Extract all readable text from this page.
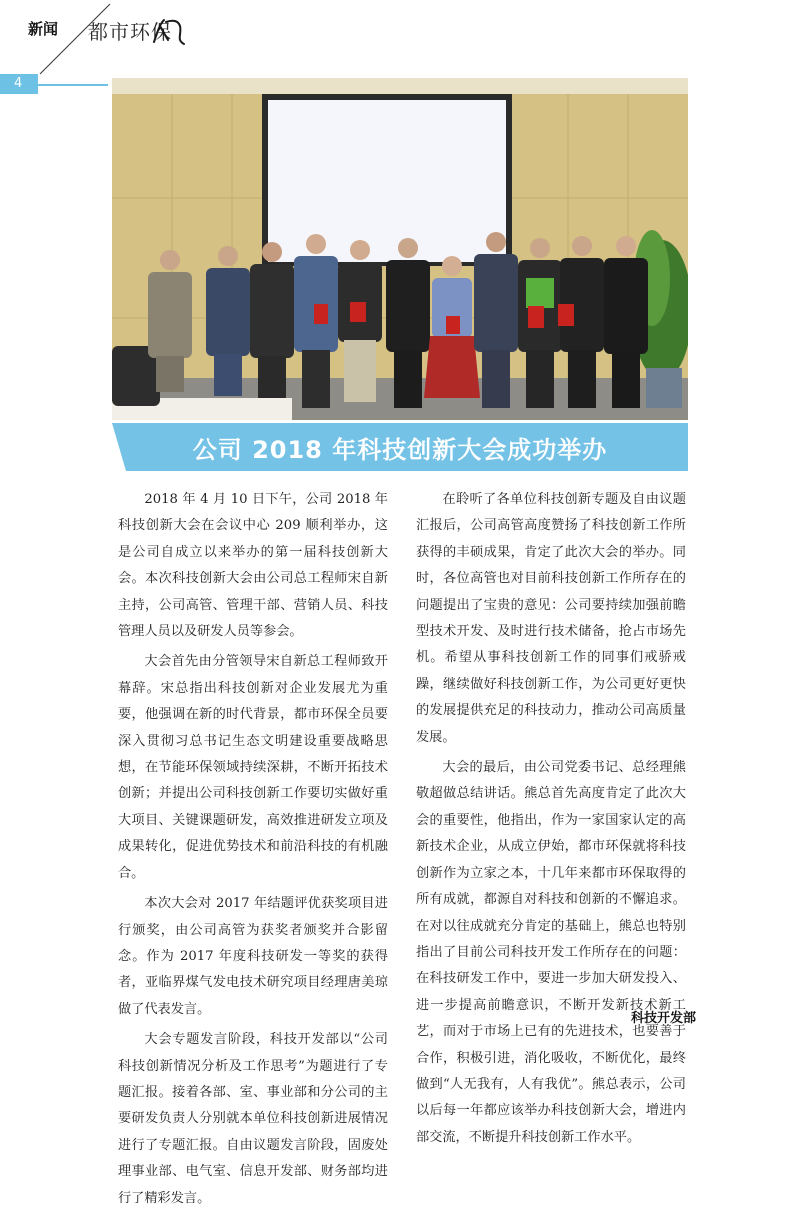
新闻 都市环保
4
公司 2018 年科技创新大会成功举办

2018 年 4 月 10 日下午，公司 2018 年科技创新大会在会议中心 209 顺利举办，这是公司自成立以来举办的第一届科技创新大会。本次科技创新大会由公司总工程师宋自新主持，公司高管、管理干部、营销人员、科技管理人员以及研发人员等参会。

大会首先由分管领导宋自新总工程师致开幕辞。宋总指出科技创新对企业发展尤为重要，他强调在新的时代背景，都市环保全员要深入贯彻习总书记生态文明建设重要战略思想，在节能环保领域持续深耕，不断开拓技术创新；并提出公司科技创新工作要切实做好重大项目、关键课题研发，高效推进研发立项及成果转化，促进优势技术和前沿科技的有机融合。

本次大会对 2017 年结题评优获奖项目进行颁奖，由公司高管为获奖者颁奖并合影留念。作为 2017 年度科技研发一等奖的获得者，亚临界煤气发电技术研究项目经理唐美琼做了代表发言。

大会专题发言阶段，科技开发部以“公司科技创新情况分析及工作思考”为题进行了专题汇报。接着各部、室、事业部和分公司的主要研发负责人分别就本单位科技创新进展情况进行了专题汇报。自由议题发言阶段，固废处理事业部、电气室、信息开发部、财务部均进行了精彩发言。

在聆听了各单位科技创新专题及自由议题汇报后，公司高管高度赞扬了科技创新工作所获得的丰硕成果，肯定了此次大会的举办。同时，各位高管也对目前科技创新工作所存在的问题提出了宝贵的意见：公司要持续加强前瞻型技术开发、及时进行技术储备，抢占市场先机。希望从事科技创新工作的同事们戒骄戒躁，继续做好科技创新工作，为公司更好更快的发展提供充足的科技动力，推动公司高质量发展。

大会的最后，由公司党委书记、总经理熊敬超做总结讲话。熊总首先高度肯定了此次大会的重要性，他指出，作为一家国家认定的高新技术企业，从成立伊始，都市环保就将科技创新作为立家之本，十几年来都市环保取得的所有成就，都源自对科技和创新的不懈追求。在对以往成就充分肯定的基础上，熊总也特别指出了目前公司科技开发工作所存在的问题：在科技研发工作中，要进一步加大研发投入、进一步提高前瞻意识，不断开发新技术新工艺，而对于市场上已有的先进技术，也要善于合作，积极引进，消化吸收，不断优化，最终做到“人无我有，人有我优”。熊总表示，公司以后每一年都应该举办科技创新大会，增进内部交流，不断提升科技创新工作水平。

科技开发部
